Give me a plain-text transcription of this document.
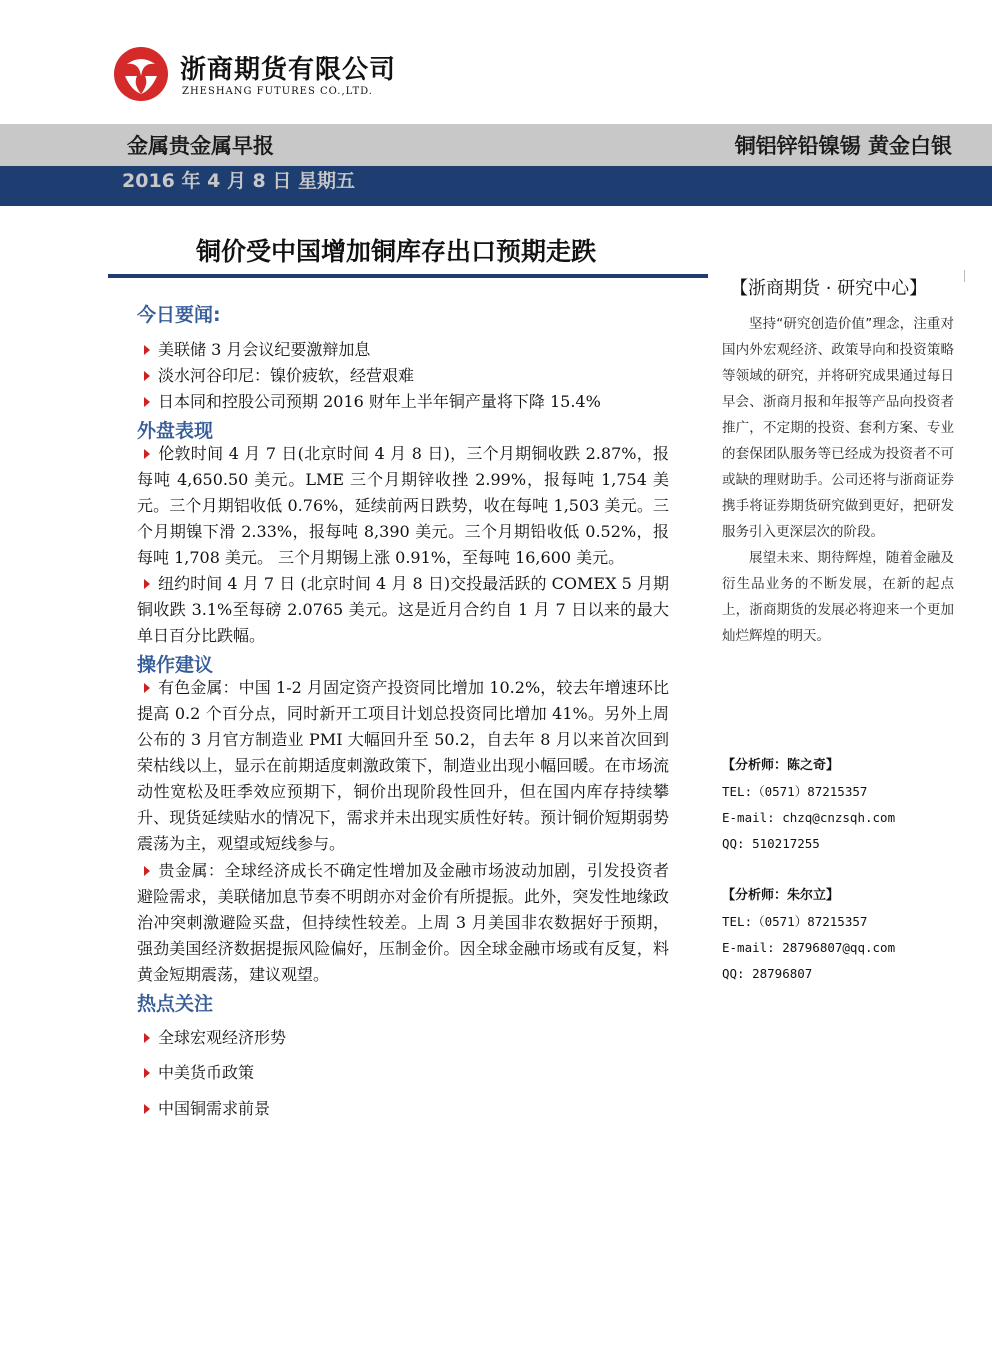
浙商期货有限公司
ZHESHANG FUTURES CO.,LTD.
金属贵金属早报	铜铝锌铅镍锡 黄金白银
2016 年 4 月 8 日 星期五
铜价受中国增加铜库存出口预期走跌
今日要闻:
美联储 3 月会议纪要激辩加息
淡水河谷印尼：镍价疲软，经营艰难
日本同和控股公司预期 2016 财年上半年铜产量将下降 15.4%
外盘表现
伦敦时间 4 月 7 日(北京时间 4 月 8 日)，三个月期铜收跌 2.87%，报每吨 4,650.50 美元。LME 三个月期锌收挫 2.99%，报每吨 1,754 美元。三个月期铝收低 0.76%，延续前两日跌势，收在每吨 1,503 美元。三个月期镍下滑 2.33%，报每吨 8,390 美元。三个月期铅收低 0.52%，报每吨 1,708 美元。 三个月期锡上涨 0.91%，至每吨 16,600 美元。
纽约时间 4 月 7 日 (北京时间 4 月 8 日)交投最活跃的 COMEX 5 月期铜收跌 3.1%至每磅 2.0765 美元。这是近月合约自 1 月 7 日以来的最大单日百分比跌幅。
操作建议
有色金属：中国 1-2 月固定资产投资同比增加 10.2%，较去年增速环比提高 0.2 个百分点，同时新开工项目计划总投资同比增加 41%。另外上周公布的 3 月官方制造业 PMI 大幅回升至 50.2，自去年 8 月以来首次回到荣枯线以上，显示在前期适度刺激政策下，制造业出现小幅回暖。在市场流动性宽松及旺季效应预期下，铜价出现阶段性回升，但在国内库存持续攀升、现货延续贴水的情况下，需求并未出现实质性好转。预计铜价短期弱势震荡为主，观望或短线参与。
贵金属：全球经济成长不确定性增加及金融市场波动加剧，引发投资者避险需求，美联储加息节奏不明朗亦对金价有所提振。此外，突发性地缘政治冲突刺激避险买盘，但持续性较差。上周 3 月美国非农数据好于预期，强劲美国经济数据提振风险偏好，压制金价。因全球金融市场或有反复，料黄金短期震荡，建议观望。
热点关注
全球宏观经济形势
中美货币政策
中国铜需求前景
【浙商期货 · 研究中心】

坚持“研究创造价值”理念，注重对国内外宏观经济、政策导向和投资策略等领域的研究，并将研究成果通过每日早会、浙商月报和年报等产品向投资者推广，不定期的投资、套利方案、专业的套保团队服务等已经成为投资者不可或缺的理财助手。公司还将与浙商证券携手将证券期货研究做到更好，把研发服务引入更深层次的阶段。

展望未来、期待辉煌，随着金融及衍生品业务的不断发展，在新的起点上，浙商期货的发展必将迎来一个更加灿烂辉煌的明天。

【分析师：陈之奇】
TEL:（0571）87215357
E-mail: chzq@cnzsqh.com
QQ: 510217255
【分析师：朱尔立】
TEL:（0571）87215357
E-mail: 28796807@qq.com
QQ: 28796807
